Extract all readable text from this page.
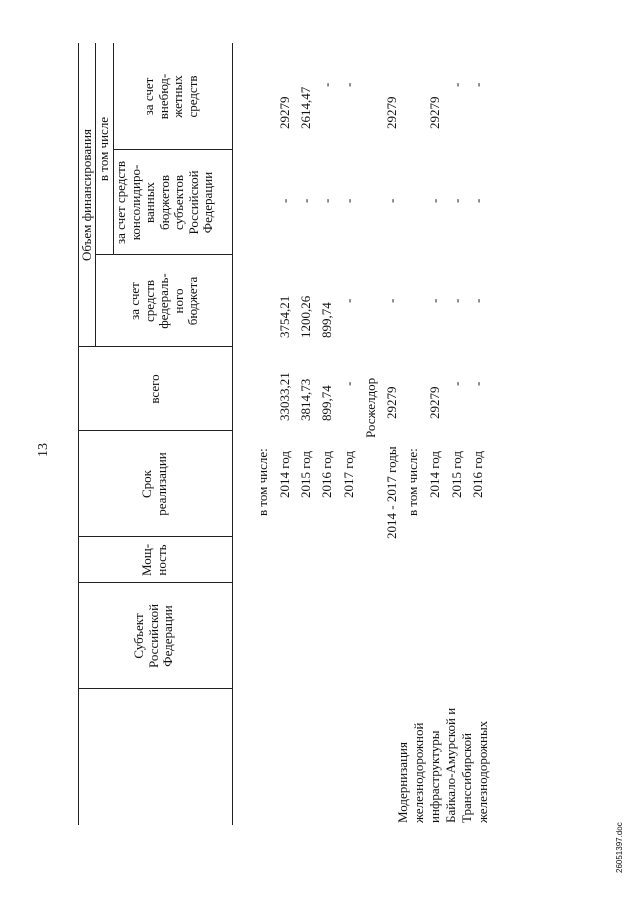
13
Субъект Российской Федерации
Мощ- ность
Срок реализации
всего
Объем финансирования в том числе
за счет средств федераль- ного бюджета
за счет средств консолидиро- ванных бюджетов субъектов Российской Федерации
за счет внебюд- жетных средств
Модернизация железнодорожной инфраструктуры Байкало-Амурской и Транссибирской железнодорожных
в том числе: 2014 год
33033,21
3754,21
-
29279
2015 год
3814,73
1200,26
-
2614,47
2016 год
899,74
899,74
-
-
2017 год
-
-
-
-
Росжелдор
2014 - 2017 годы
29279
-
-
29279
в том числе: 2014 год
29279
-
-
29279
2015 год
-
-
-
-
2016 год
-
-
-
-
26051397.doc
